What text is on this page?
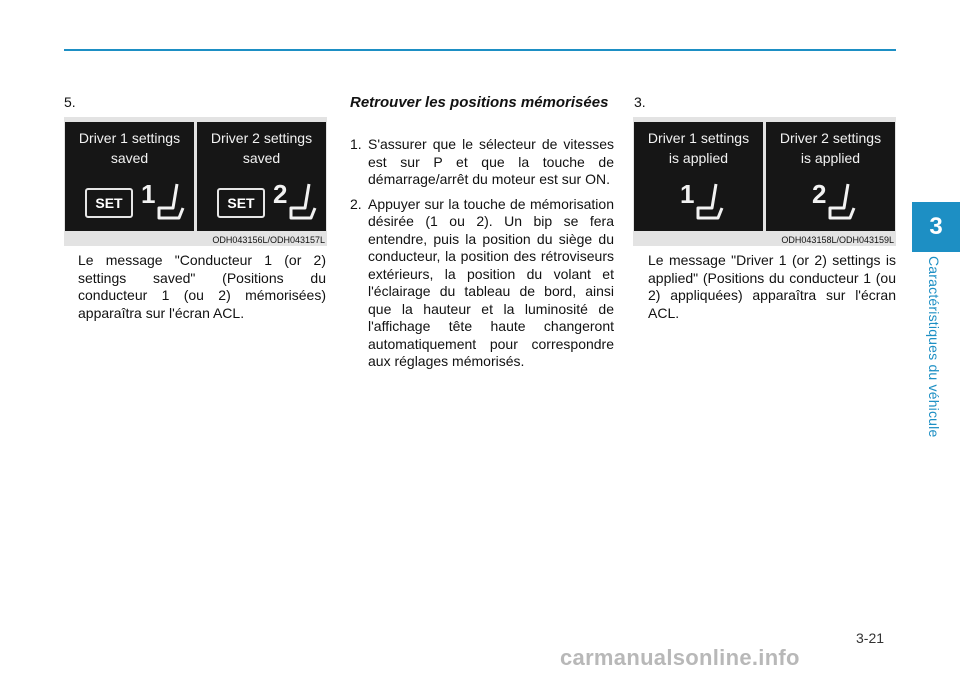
3
Caractéristiques du véhicule
5.
Driver 1 settings
saved
SET 1
Driver 2 settings
saved
SET 2
ODH043156L/ODH043157L
Le message "Conducteur 1 (or 2) settings saved" (Positions du conducteur 1 (ou 2) mémorisées) apparaîtra sur l'écran ACL.
Retrouver les positions mémorisées
1. S'assurer que le sélecteur de vitesses est sur P et que la touche de démarrage/arrêt du moteur est sur ON.
2. Appuyer sur la touche de mémorisation désirée (1 ou 2). Un bip se fera entendre, puis la position du siège du conducteur, la position des rétroviseurs extérieurs, la position du volant et l'éclairage du tableau de bord, ainsi que la hauteur et la luminosité de l'affichage tête haute changeront automatiquement pour correspondre aux réglages mémorisés.
3.
Driver 1 settings
is applied
1
Driver 2 settings
is applied
2
ODH043158L/ODH043159L
Le message "Driver 1 (or 2) settings is applied" (Positions du conducteur 1 (ou 2) appliquées) apparaîtra sur l'écran ACL.
3-21
carmanualsonline.info
